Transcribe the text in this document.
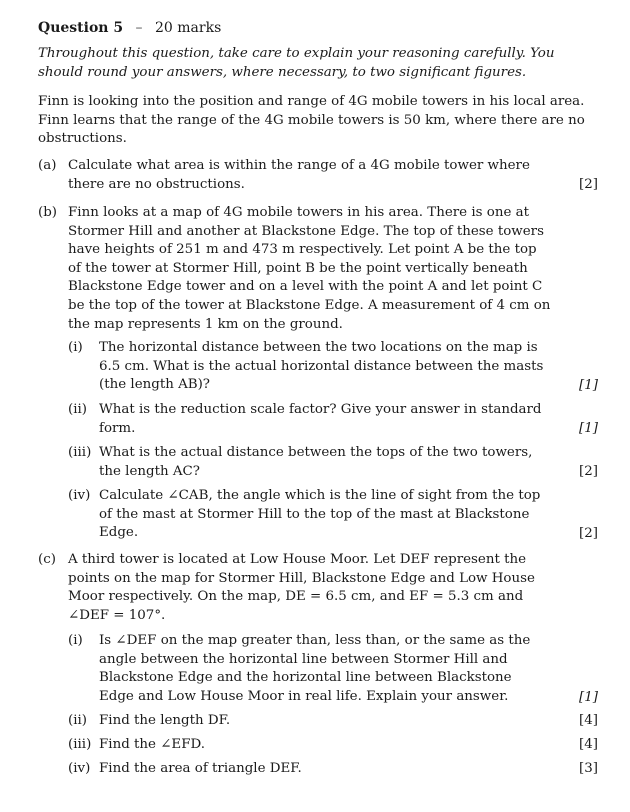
Question 5 – 20 marks
Throughout this question, take care to explain your reasoning carefully. You should round your answers, where necessary, to two significant figures.
Finn is looking into the position and range of 4G mobile towers in his local area. Finn learns that the range of the 4G mobile towers is 50 km, where there are no obstructions.
(a) Calculate what area is within the range of a 4G mobile tower where there are no obstructions.	[2]
(b) Finn looks at a map of 4G mobile towers in his area. There is one at Stormer Hill and another at Blackstone Edge. The top of these towers have heights of 251 m and 473 m respectively. Let point A be the top of the tower at Stormer Hill, point B be the point vertically beneath Blackstone Edge tower and on a level with the point A and let point C be the top of the tower at Blackstone Edge. A measurement of 4 cm on the map represents 1 km on the ground.
(i) The horizontal distance between the two locations on the map is 6.5 cm. What is the actual horizontal distance between the masts (the length AB)?	[1]
(ii) What is the reduction scale factor? Give your answer in standard form.	[1]
(iii) What is the actual distance between the tops of the two towers, the length AC?	[2]
(iv) Calculate ∠CAB, the angle which is the line of sight from the top of the mast at Stormer Hill to the top of the mast at Blackstone Edge.	[2]
(c) A third tower is located at Low House Moor. Let DEF represent the points on the map for Stormer Hill, Blackstone Edge and Low House Moor respectively. On the map, DE = 6.5 cm, and EF = 5.3 cm and ∠DEF = 107°.
(i) Is ∠DEF on the map greater than, less than, or the same as the angle between the horizontal line between Stormer Hill and Blackstone Edge and the horizontal line between Blackstone Edge and Low House Moor in real life. Explain your answer.	[1]
(ii) Find the length DF.	[4]
(iii) Find the ∠EFD.	[4]
(iv) Find the area of triangle DEF.	[3]
